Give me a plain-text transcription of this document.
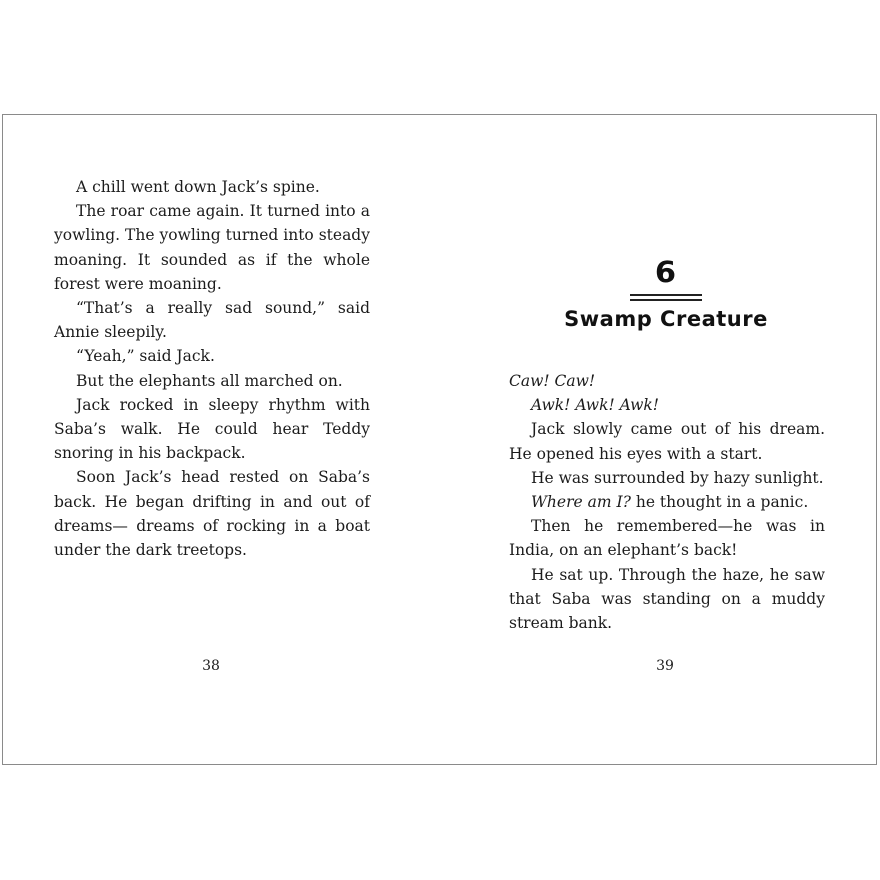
A chill went down Jack’s spine.

The roar came again. It turned into a yowling. The yowling turned into steady moaning. It sounded as if the whole forest were moaning.

“That’s a really sad sound,” said Annie sleepily.

“Yeah,” said Jack.

But the elephants all marched on.

Jack rocked in sleepy rhythm with Saba’s walk. He could hear Teddy snoring in his backpack.

Soon Jack’s head rested on Saba’s back. He began drifting in and out of dreams— dreams of rocking in a boat under the dark treetops.

38
6
Swamp Creature

Caw! Caw!

Awk! Awk! Awk!

Jack slowly came out of his dream. He opened his eyes with a start.

He was surrounded by hazy sunlight.

Where am I? he thought in a panic.

Then he remembered—he was in India, on an elephant’s back!

He sat up. Through the haze, he saw that Saba was standing on a muddy stream bank.

39
